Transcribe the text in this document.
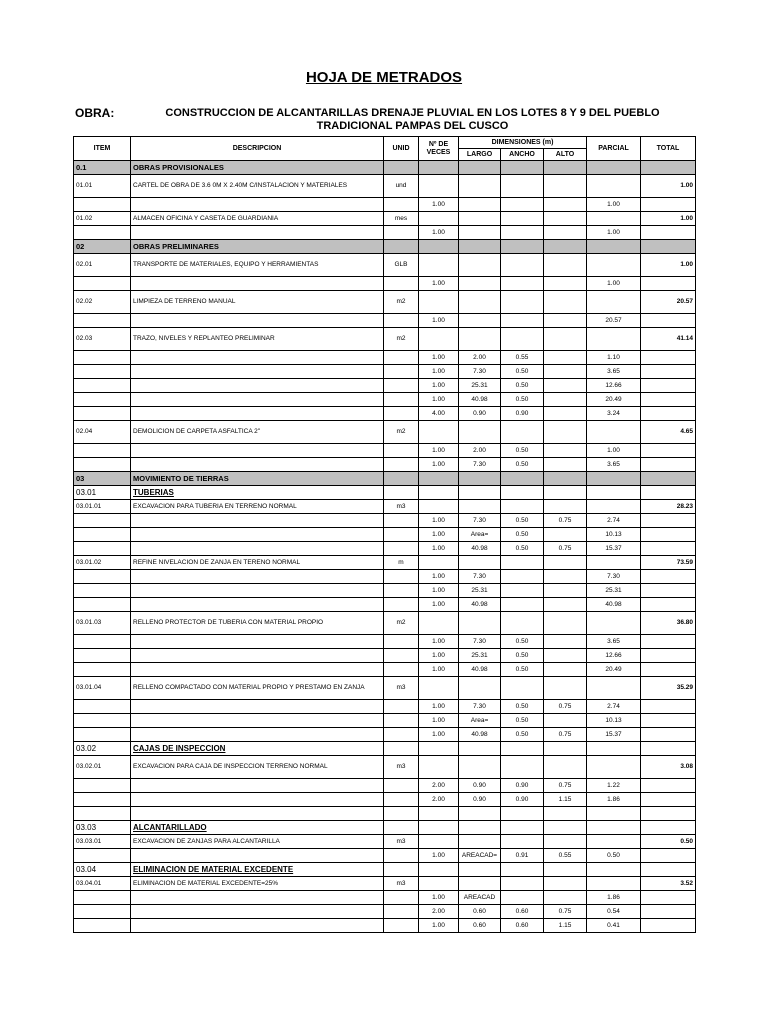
HOJA DE METRADOS
OBRA:	CONSTRUCCION DE ALCANTARILLAS DRENAJE PLUVIAL EN LOS LOTES 8 Y 9 DEL PUEBLO TRADICIONAL PAMPAS DEL CUSCO
ITEM	DESCRIPCION	UNID	Nº DE VECES	DIMENSIONES (m)			PARCIAL	TOTAL
				LARGO	ANCHO	ALTO		
0.1	OBRAS PROVISIONALES							
01.01	CARTEL DE OBRA DE 3.6 0M X 2.40M C/INSTALACION Y MATERIALES	und						1.00
			1.00				1.00	
01.02	ALMACEN OFICINA Y CASETA DE GUARDIANIA	mes						1.00
			1.00				1.00	
02	OBRAS PRELIMINARES							
02.01	TRANSPORTE DE MATERIALES, EQUIPO Y HERRAMIENTAS	GLB						1.00
			1.00				1.00	
02.02	LIMPIEZA DE TERRENO MANUAL	m2						20.57
			1.00				20.57	
02.03	TRAZO, NIVELES Y REPLANTEO PRELIMINAR	m2						41.14
			1.00	2.00	0.55		1.10	
			1.00	7.30	0.50		3.65	
			1.00	25.31	0.50		12.66	
			1.00	40.98	0.50		20.49	
			4.00	0.90	0.90		3.24	
02.04	DEMOLICION DE CARPETA ASFALTICA 2"	m2						4.65
			1.00	2.00	0.50		1.00	
			1.00	7.30	0.50		3.65	
03	MOVIMIENTO DE TIERRAS							
03.01	TUBERIAS							
03.01.01	EXCAVACION PARA TUBERIA EN TERRENO NORMAL	m3						28.23
			1.00	7.30	0.50	0.75	2.74	
			1.00	Area=	0.50		10.13	
			1.00	40.98	0.50	0.75	15.37	
03.01.02	REFINE NIVELACION DE ZANJA EN TERENO NORMAL	m						73.59
			1.00	7.30			7.30	
			1.00	25.31			25.31	
			1.00	40.98			40.98	
03.01.03	RELLENO PROTECTOR DE TUBERIA CON MATERIAL PROPIO	m2						36.80
			1.00	7.30	0.50		3.65	
			1.00	25.31	0.50		12.66	
			1.00	40.98	0.50		20.49	
03.01.04	RELLENO COMPACTADO CON MATERIAL PROPIO Y PRESTAMO EN ZANJA	m3						35.29
			1.00	7.30	0.50	0.75	2.74	
			1.00	Area=	0.50		10.13	
			1.00	40.98	0.50	0.75	15.37	
03.02	CAJAS DE INSPECCION							
03.02.01	EXCAVACION PARA CAJA DE INSPECCION TERRENO NORMAL	m3						3.08
			2.00	0.90	0.90	0.75	1.22	
			2.00	0.90	0.90	1.15	1.86	

03.03	ALCANTARILLADO							
03.03.01	EXCAVACION DE ZANJAS PARA ALCANTARILLA	m3						0.50
			1.00	AREACAD=	0.91	0.55	0.50	
03.04	ELIMINACION DE MATERIAL EXCEDENTE							
03.04.01	ELIMINACION DE MATERIAL EXCEDENTE=25%	m3						3.52
			1.00	AREACAD			1.86	
			2.00	0.60	0.60	0.75	0.54	
			1.00	0.60	0.60	1.15	0.41	
